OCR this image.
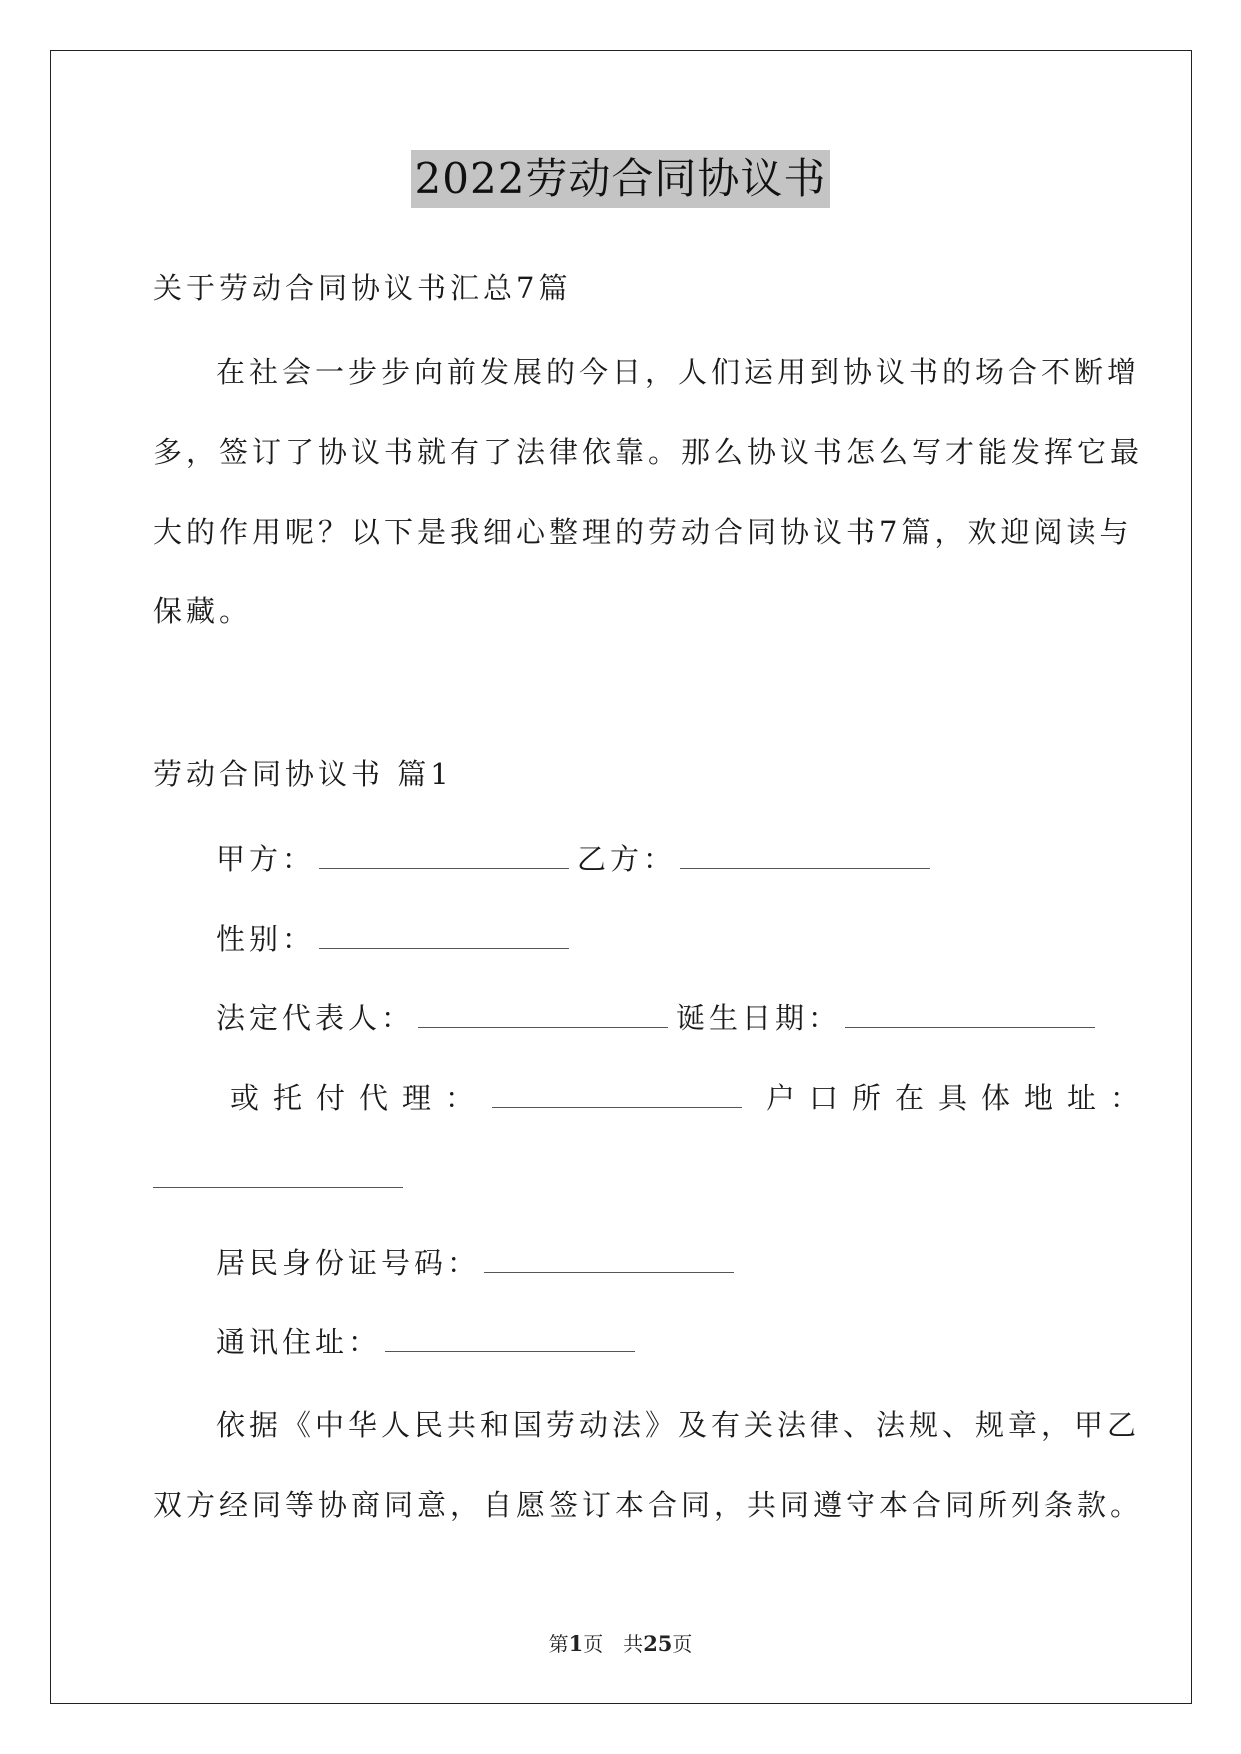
2022劳动合同协议书
关于劳动合同协议书汇总7篇
在社会一步步向前发展的今日，人们运用到协议书的场合不断增
多，签订了协议书就有了法律依靠。那么协议书怎么写才能发挥它最
大的作用呢？以下是我细心整理的劳动合同协议书7篇，欢迎阅读与
保藏。
劳动合同协议书 篇1
甲方：	乙方：
性别：
法定代表人：	诞生日期：
或托付代理：	户口所在具体地址：
居民身份证号码：
通讯住址：
依据《中华人民共和国劳动法》及有关法律、法规、规章，甲乙
双方经同等协商同意，自愿签订本合同，共同遵守本合同所列条款。
第1页　共25页
